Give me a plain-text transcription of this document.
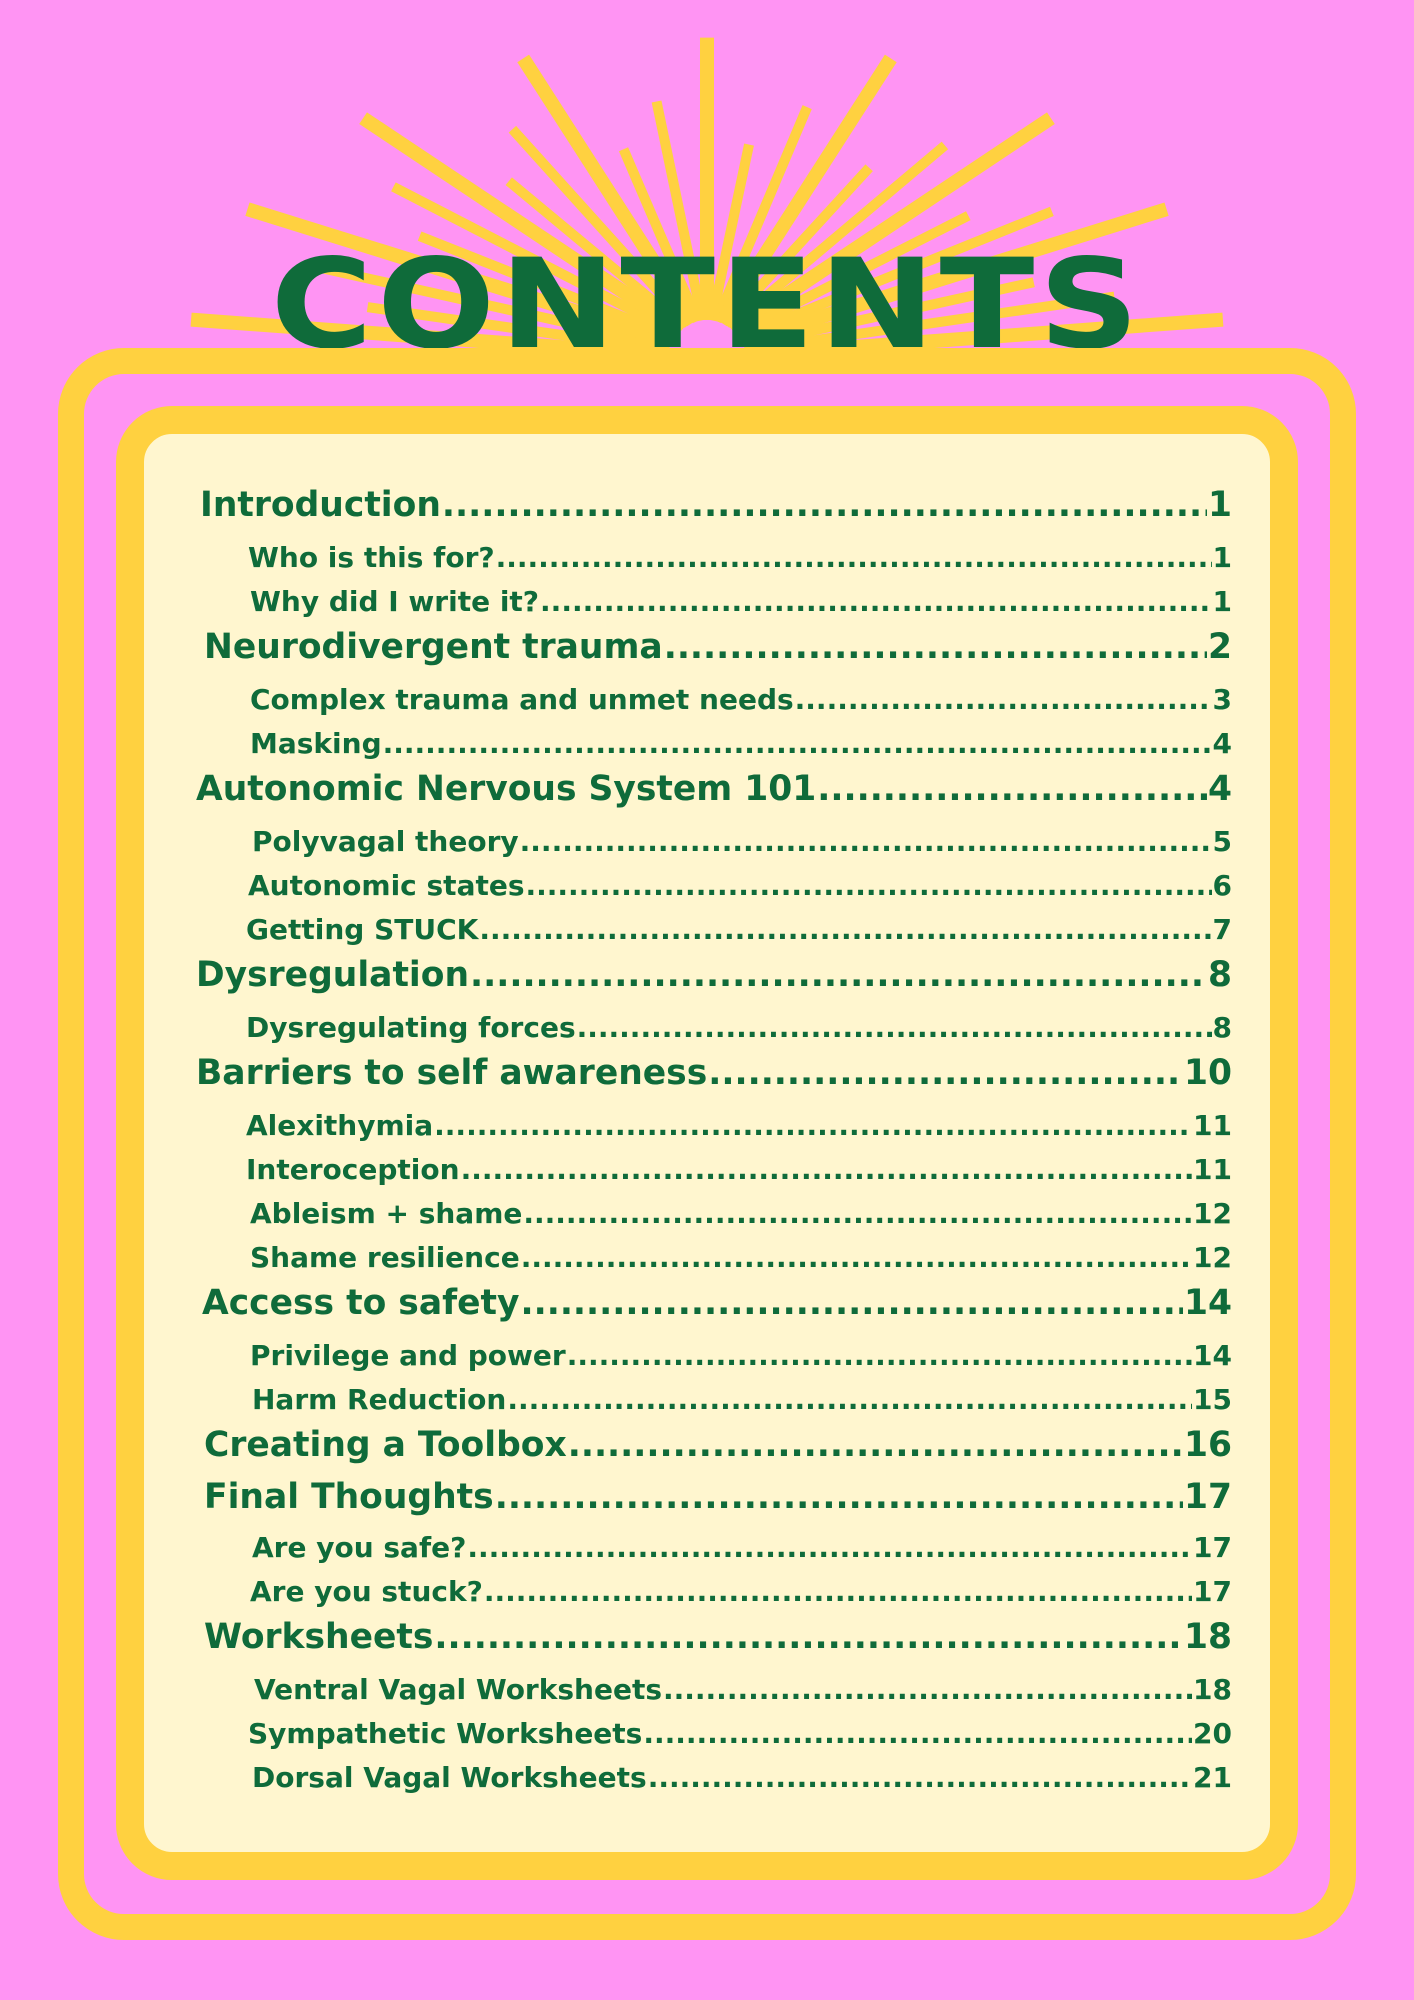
CONTENTS
Introduction .....	1
Who is this for? .....	1
Why did I write it? .....	1
Neurodivergent trauma .....	2
Complex trauma and unmet needs .....	3
Masking .....	4
Autonomic Nervous System 101 .....	4
Polyvagal theory .....	5
Autonomic states .....	6
Getting STUCK .....	7
Dysregulation .....	8
Dysregulating forces .....	8
Barriers to self awareness .....	10
Alexithymia .....	11
Interoception .....	11
Ableism + shame .....	12
Shame resilience .....	12
Access to safety .....	14
Privilege and power .....	14
Harm Reduction .....	15
Creating a Toolbox .....	16
Final Thoughts .....	17
Are you safe? .....	17
Are you stuck? .....	17
Worksheets .....	18
Ventral Vagal Worksheets .....	18
Sympathetic Worksheets .....	20
Dorsal Vagal Worksheets .....	21
